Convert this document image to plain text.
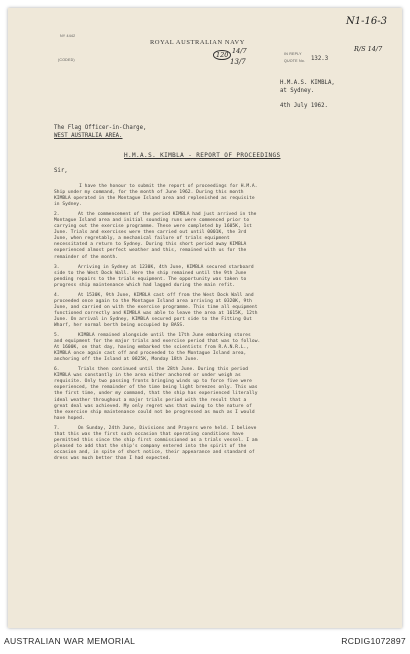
NY 4442
(CODED)
ROYAL AUSTRALIAN NAVY
IN REPLY
QUOTE No. 132.3
N1-16-3
120 14/7
13/7
R/S 14/7
H.M.A.S. KIMBLA,
at Sydney.
4th July 1962.
The Flag Officer-in-Charge,
WEST AUSTRALIA AREA.
H.M.A.S. KIMBLA - REPORT OF PROCEEDINGS
Sir,

I have the honour to submit the report of proceedings for H.M.A.
Ship under my command, for the month of June 1962. During this month
KIMBLA operated in the Montague Island area and replenished as requisite
in Sydney.

2.	At the commencement of the period KIMBLA had just arrived in the
Montague Island area and initial sounding runs were commenced prior to
carrying out the exercise programme. These were completed by 1605K, 1st
June. Trials and exercises were then carried out until 0001K, the 3rd
June, when regretably, a mechanical failure of trials equipment
necessitated a return to Sydney. During this short period away KIMBLA
experienced almost perfect weather and this, remained with us for the
remainder of the month.

3.	Arriving in Sydney at 1230K, 4th June, KIMBLA secured starboard
side to the West Dock Wall. Here the ship remained until the 9th June
pending repairs to the trials equipment. The opportunity was taken to
progress ship maintenance which had lagged during the main refit.

4.	At 1530K, 9th June, KIMBLA cast off from the West Dock Wall and
proceeded once again to the Montague Island area arriving at 0320K, 9th
June, and carried on with the exercise programme. This time all equipment
functioned correctly and KIMBLA was able to leave the area at 1615K, 12th
June. On arrival in Sydney, KIMBLA secured port side to the Fitting Out
Wharf, her normal berth being occupied by BASS.

5.	KIMBLA remained alongside until the 17th June embarking stores
and equipment for the major trials and exercise period that was to follow.
At 1600K, on that day, having embarked the scientists from R.A.N.R.L.,
KIMBLA once again cast off and proceeded to the Montague Island area,
anchoring off the Island at 0825K, Monday 18th June.

6.	Trials then continued until the 28th June. During this period
KIMBLA was constantly in the area either anchored or under weigh as
requisite. Only two passing fronts bringing winds up to force five were
experienced, the remainder of the time being light breezes only. This was
the first time, under my command, that the ship has experienced literally
ideal weather throughout a major trials period with the result that a
great deal was achieved. My only regret was that owing to the nature of
the exercise ship maintenance could not be progressed as much as I would
have hoped.

7.	On Sunday, 24th June, Divisions and Prayers were held. I believe
that this was the first such occasion that operating conditions have
permitted this since the ship first commissioned as a trials vessel. I am
pleased to add that the ship's company entered into the spirit of the
occasion and, in spite of short notice, their appearance and standard of
dress was much better than I had expected.

AUSTRALIAN WAR MEMORIAL	RCDIG1072897
